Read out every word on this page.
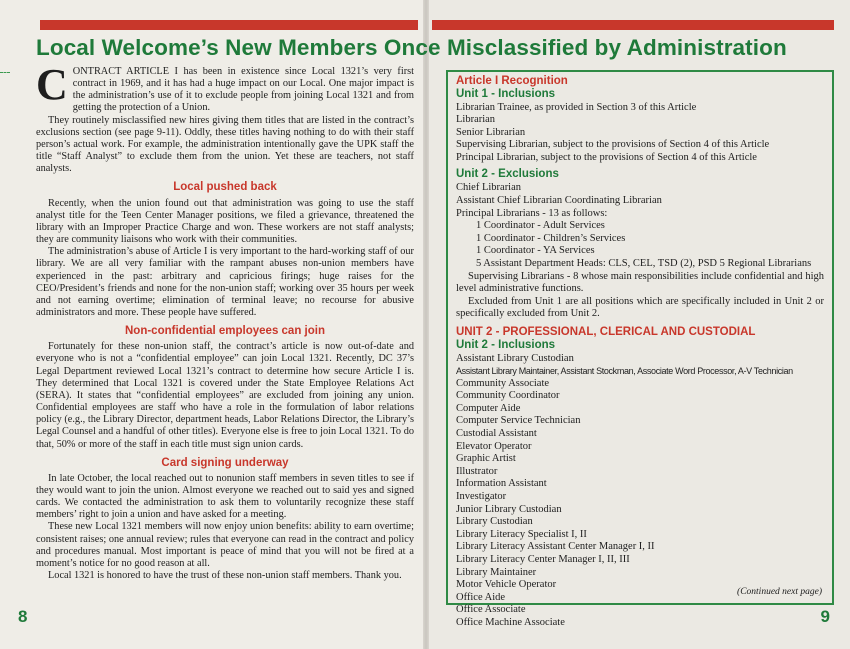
Local Welcome’s New Members Once Misclassified by Administration
C ONTRACT ARTICLE I has been in existence since Local 1321’s very first contract in 1969, and it has had a huge impact on our Local. One major impact is the administration’s use of it to exclude people from joining Local 1321 and from getting the protection of a Union.

They routinely misclassified new hires giving them titles that are listed in the contract’s exclusions section (see page 9-11). Oddly, these titles having nothing to do with their staff person’s actual work. For example, the administration intentionally gave the UPK staff the title “Staff Analyst” to exclude them from the union. Yet these are teachers, not staff analysts.

Local pushed back

Recently, when the union found out that administration was going to use the staff analyst title for the Teen Center Manager positions, we filed a grievance, threatened the library with an Improper Practice Charge and won. These workers are not staff analysts; they are community liaisons who work with their communities.

The administration’s abuse of Article I is very important to the hard-working staff of our library. We are all very familiar with the rampant abuses non-union members have experienced in the past: arbitrary and capricious firings; huge raises for the CEO/President’s friends and none for the non-union staff; working over 35 hours per week and not earning overtime; elimination of terminal leave; no recourse for abusive administrators and more. These people have suffered.

Non-confidential employees can join

Fortunately for these non-union staff, the contract’s article is now out-of-date and everyone who is not a “confidential employee” can join Local 1321. Recently, DC 37’s Legal Department reviewed Local 1321’s contract to determine how secure Article I is. They determined that Local 1321 is covered under the State Employee Relations Act (SERA). It states that “confidential employees” are excluded from joining any union. Confidential employees are staff who have a role in the formulation of labor relations policy (e.g., the Library Director, department heads, Labor Relations Director, the Library’s Legal Counsel and a handful of other titles). Everyone else is free to join Local 1321. To do that, 50% or more of the staff in each title must sign union cards.

Card signing underway

In late October, the local reached out to nonunion staff members in seven titles to see if they would want to join the union. Almost everyone we reached out to said yes and signed cards. We contacted the administration to ask them to voluntarily recognize these staff members’ right to join a union and have asked for a meeting.

These new Local 1321 members will now enjoy union benefits: ability to earn overtime; consistent raises; one annual review; rules that everyone can read in the contract and policy and procedures manual. Most important is peace of mind that you will not be fired at a moment’s notice for no good reason at all.

Local 1321 is honored to have the trust of these non-union staff members. Thank you.

8
Article I Recognition
Unit 1 - Inclusions
Librarian Trainee, as provided in Section 3 of this Article
Librarian
Senior Librarian
Supervising Librarian, subject to the provisions of Section 4 of this Article
Principal Librarian, subject to the provisions of Section 4 of this Article
Unit 2 - Exclusions
Chief Librarian
Assistant Chief Librarian Coordinating Librarian
Principal Librarians - 13 as follows:
1 Coordinator - Adult Services
1 Coordinator - Children’s Services
1 Coordinator - YA Services
5 Assistant Department Heads: CLS, CEL, TSD (2), PSD 5 Regional Librarians
Supervising Librarians - 8 whose main responsibilities include confidential and high level administrative functions.
Excluded from Unit 1 are all positions which are specifically included in Unit 2 or specifically excluded from Unit 2.
UNIT 2 - PROFESSIONAL, CLERICAL AND CUSTODIAL
Unit 2 - Inclusions
Assistant Library Custodian
Assistant Library Maintainer, Assistant Stockman, Associate Word Processor, A-V Technician
Community Associate
Community Coordinator
Computer Aide
Computer Service Technician
Custodial Assistant
Elevator Operator
Graphic Artist
Illustrator
Information Assistant
Investigator
Junior Library Custodian
Library Custodian
Library Literacy Specialist I, II
Library Literacy Assistant Center Manager I, II
Library Literacy Center Manager I, II, III
Library Maintainer
Motor Vehicle Operator
Office Aide
Office Associate
Office Machine Associate
(Continued next page)
9
